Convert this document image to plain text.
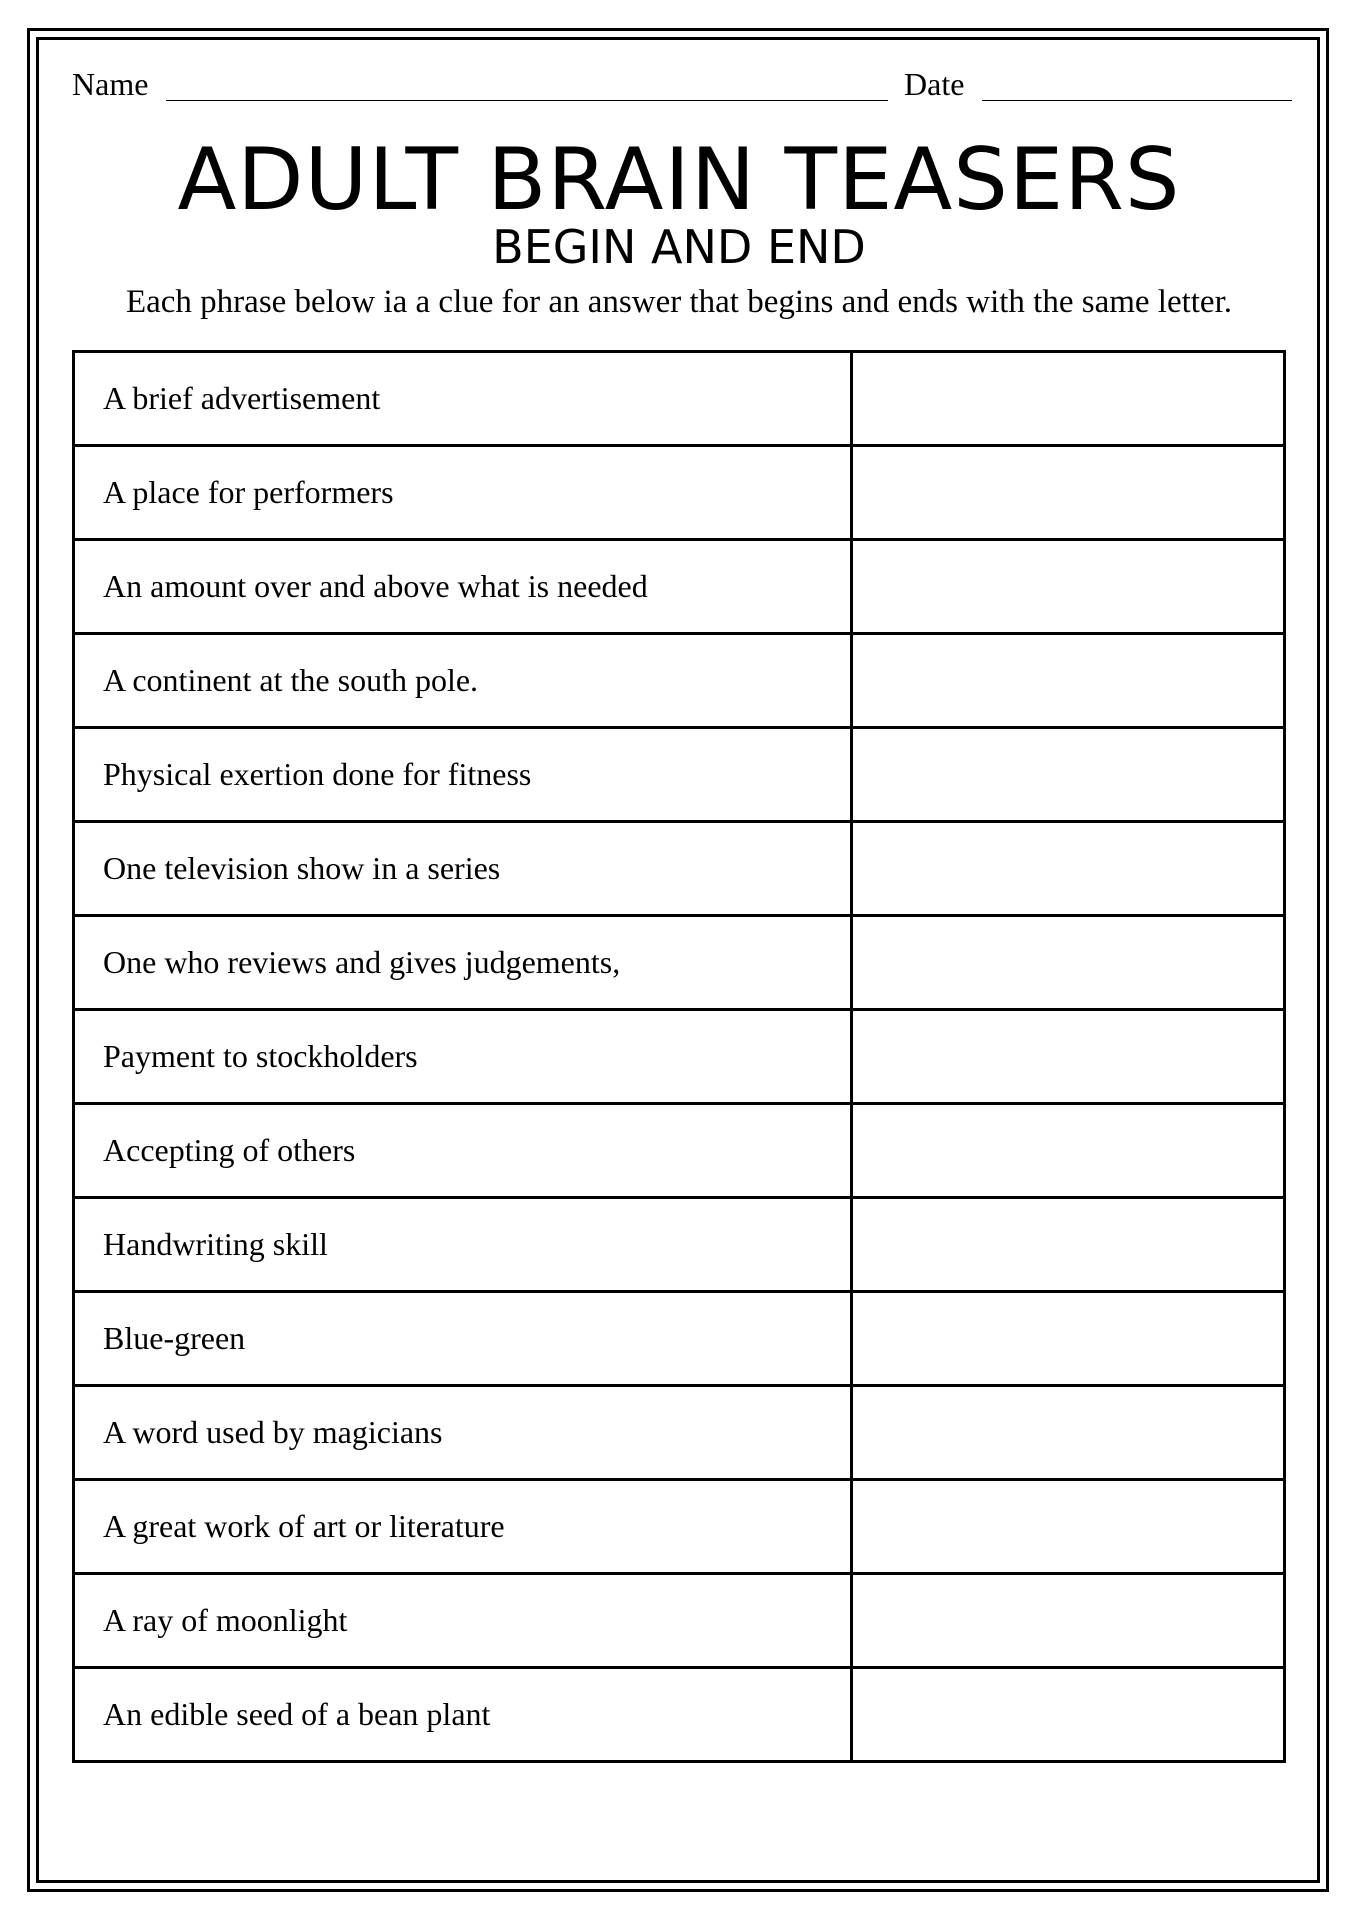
Name	Date
ADULT BRAIN TEASERS
BEGIN AND END
Each phrase below ia a clue for an answer that begins and ends with the same letter.
A brief advertisement	
A place for performers	
An amount over and above what is needed	
A continent at the south pole.	
Physical exertion done for fitness	
One television show in a series	
One who reviews and gives judgements,	
Payment to stockholders	
Accepting of others	
Handwriting skill	
Blue-green	
A word used by magicians	
A great work of art or literature	
A ray of moonlight	
An edible seed of a bean plant	
